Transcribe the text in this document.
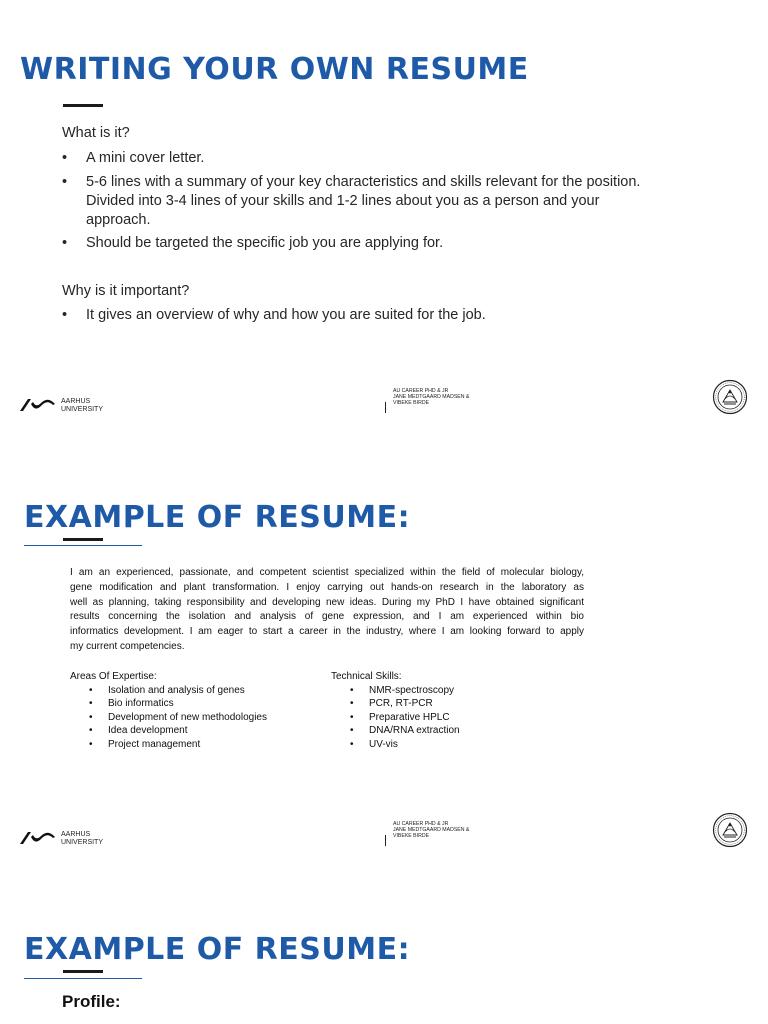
WRITING YOUR OWN RESUME
What is it?
• A mini cover letter.
• 5-6 lines with a summary of your key characteristics and skills relevant for the position.
Divided into 3-4 lines of your skills and 1-2 lines about you as a person and your
approach.
• Should be targeted the specific job you are applying for.
Why is it important?
• It gives an overview of why and how you are suited for the job.
AARHUS
UNIVERSITY
AU CAREER PHD & JR
JANE MEDTGAARD MADSEN &
VIBEKE BIRDE
EXAMPLE OF RESUME:
I am an experienced, passionate, and competent scientist specialized within the field of molecular biology,
gene modification and plant transformation. I enjoy carrying out hands-on research in the laboratory as
well as planning, taking responsibility and developing new ideas. During my PhD I have obtained significant
results concerning the isolation and analysis of gene expression, and I am experienced within bio
informatics development. I am eager to start a career in the industry, where I am looking forward to apply
my current competencies.
Areas Of Expertise:
• Isolation and analysis of genes
• Bio informatics
• Development of new methodologies
• Idea development
• Project management
Technical Skills:
• NMR-spectroscopy
• PCR, RT-PCR
• Preparative HPLC
• DNA/RNA extraction
• UV-vis
AARHUS
UNIVERSITY
AU CAREER PHD & JR
JANE MEDTGAARD MADSEN &
VIBEKE BIRDE
EXAMPLE OF RESUME:
Profile:
